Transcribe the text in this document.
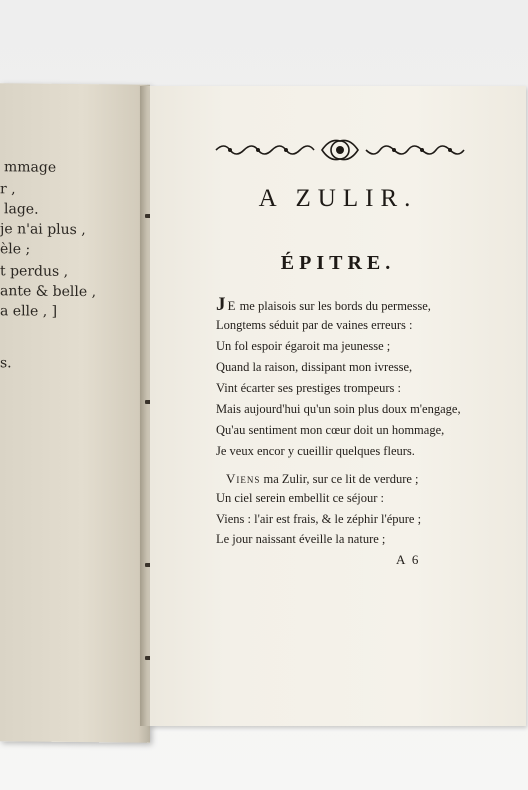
mmage
r ,
lage.
je n'ai plus ,
èle ;
t perdus ,
ante & belle ,
a elle , ]
s.
A ZULIR.
ÉPITRE.
JE me plaisois sur les bords du permesse,
Longtems séduit par de vaines erreurs :
Un fol espoir égaroit ma jeunesse ;
Quand la raison, dissipant mon ivresse,
Vint écarter ses prestiges trompeurs :
Mais aujourd'hui qu'un soin plus doux m'engage,
Qu'au sentiment mon cœur doit un hommage,
Je veux encor y cueillir quelques fleurs.
Viens ma Zulir, sur ce lit de verdure ;
Un ciel serein embellit ce séjour :
Viens : l'air est frais, & le zéphir l'épure ;
Le jour naissant éveille la nature ;
A 6
